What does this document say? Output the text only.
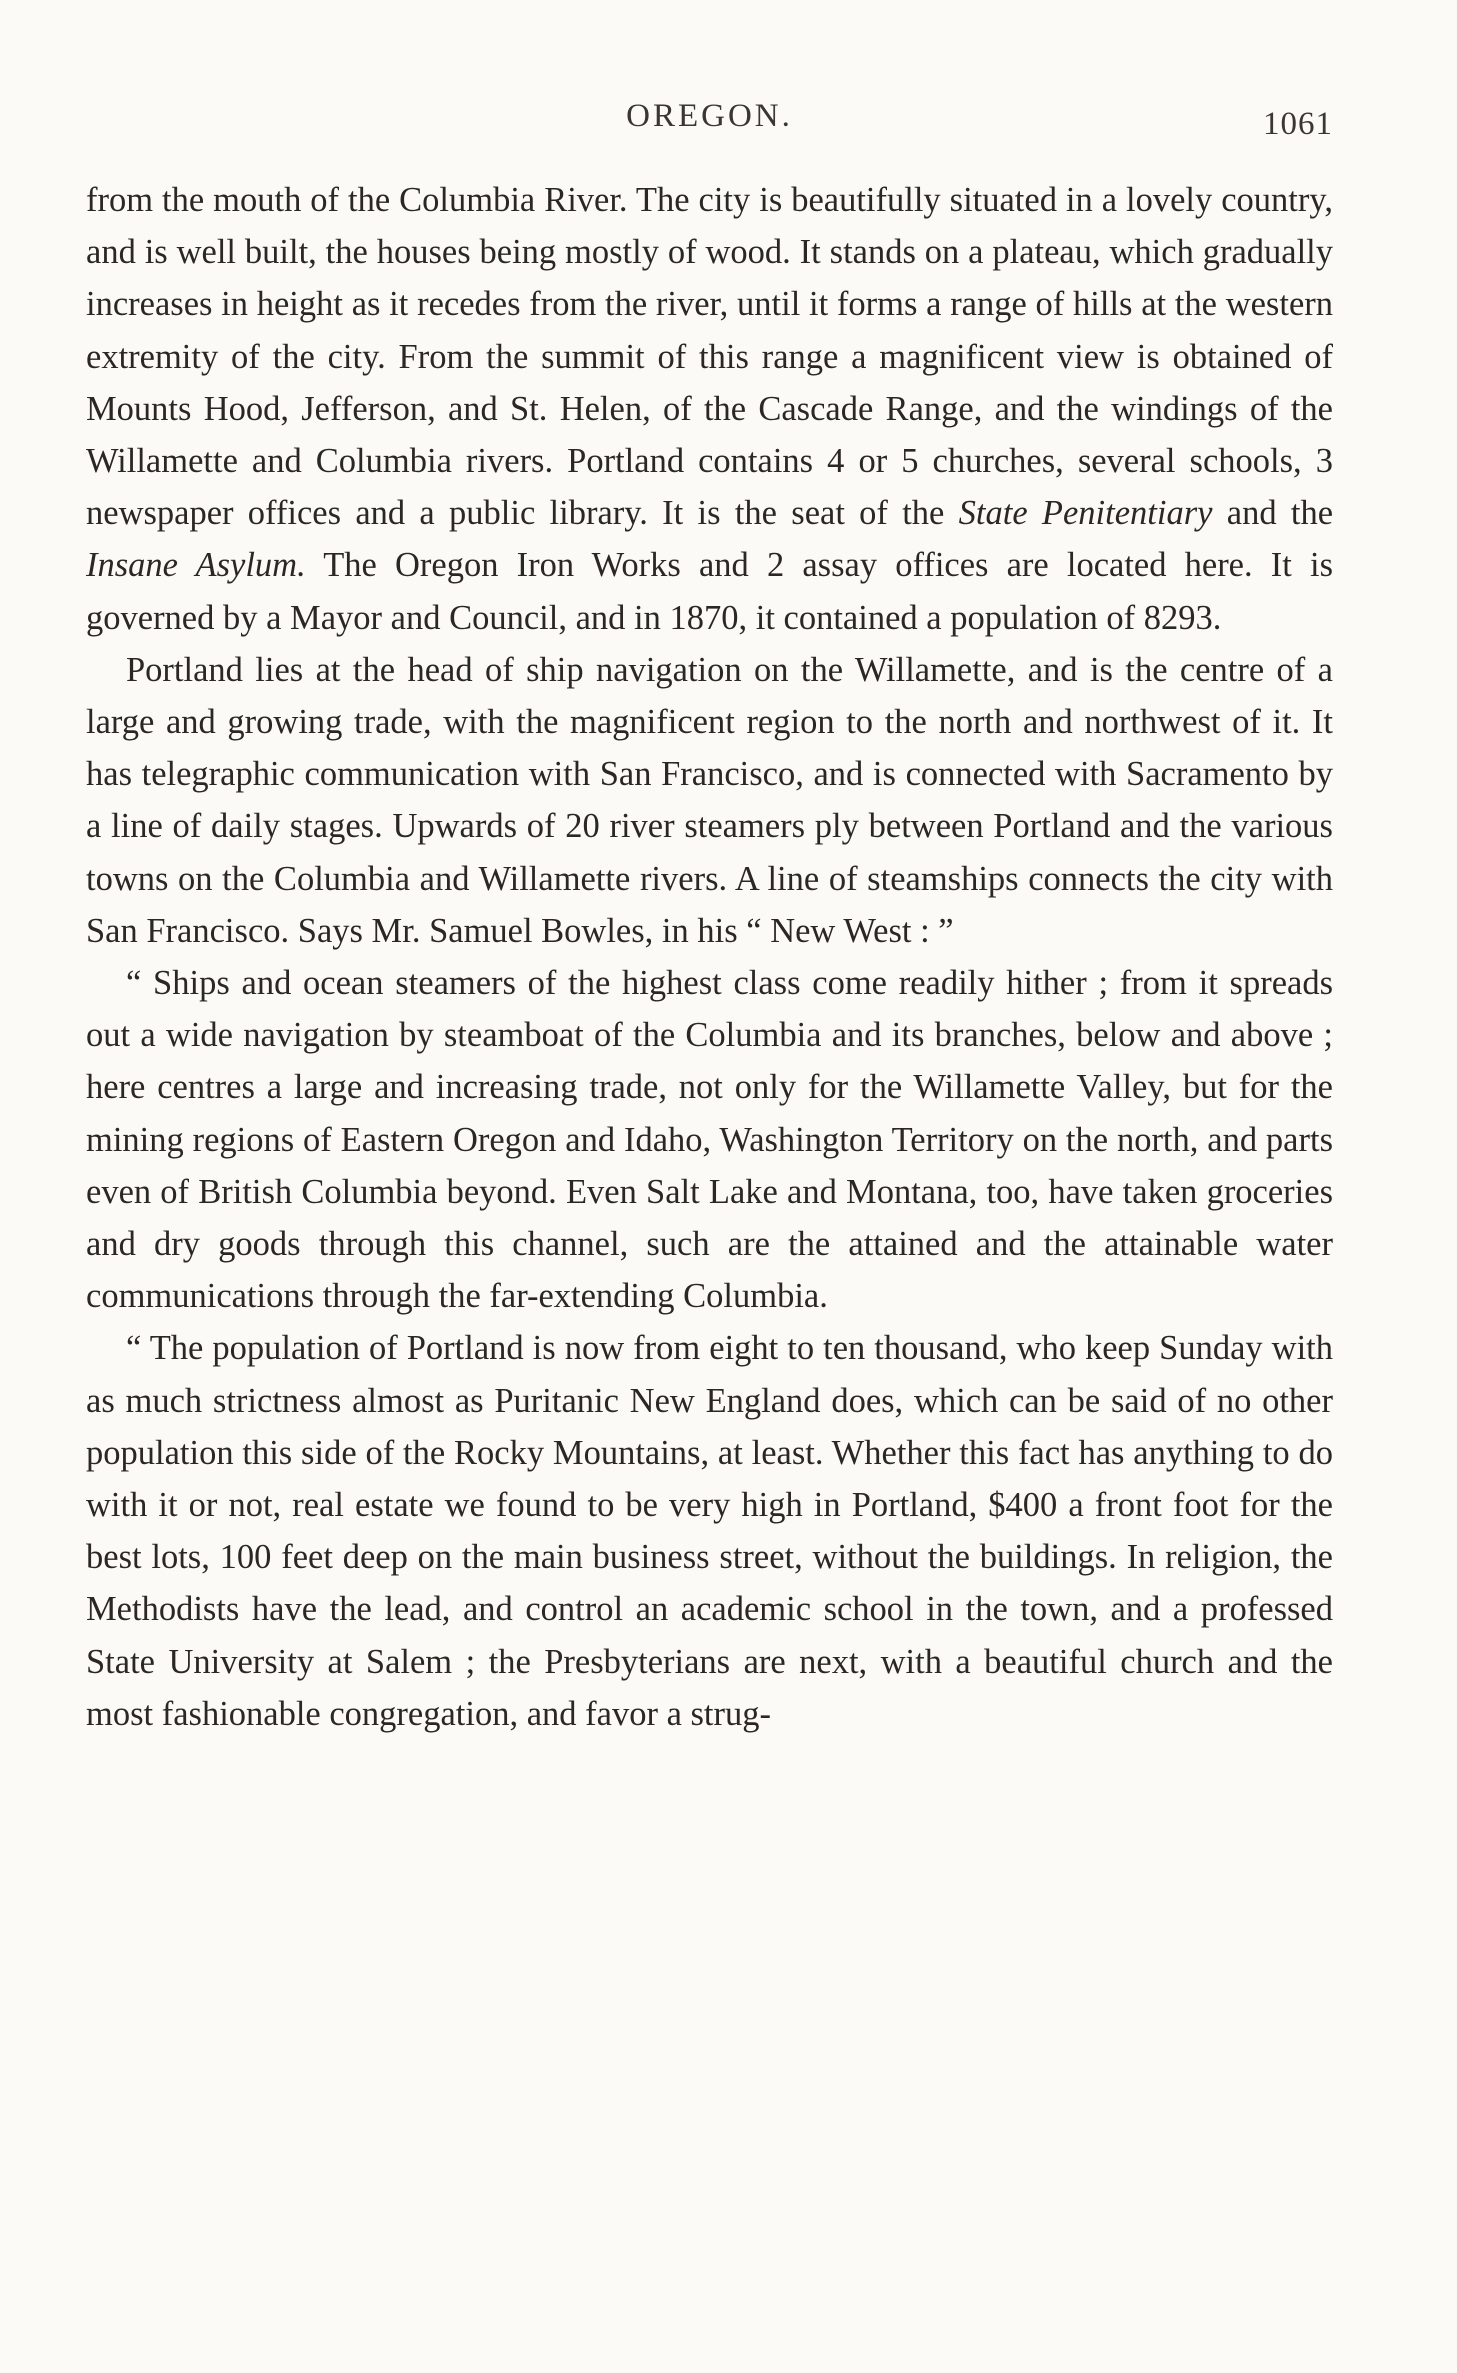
OREGON.	1061

from the mouth of the Columbia River. The city is beautifully situated in a lovely country, and is well built, the houses being mostly of wood. It stands on a plateau, which gradually increases in height as it recedes from the river, until it forms a range of hills at the western extremity of the city. From the summit of this range a magnificent view is obtained of Mounts Hood, Jefferson, and St. Helen, of the Cascade Range, and the windings of the Willamette and Columbia rivers. Portland contains 4 or 5 churches, several schools, 3 newspaper offices and a public library. It is the seat of the State Penitentiary and the Insane Asylum. The Oregon Iron Works and 2 assay offices are located here. It is governed by a Mayor and Council, and in 1870, it contained a population of 8293.

Portland lies at the head of ship navigation on the Willamette, and is the centre of a large and growing trade, with the magnificent region to the north and northwest of it. It has telegraphic communication with San Francisco, and is connected with Sacramento by a line of daily stages. Upwards of 20 river steamers ply between Portland and the various towns on the Columbia and Willamette rivers. A line of steamships connects the city with San Francisco. Says Mr. Samuel Bowles, in his “ New West : ”

“ Ships and ocean steamers of the highest class come readily hither ; from it spreads out a wide navigation by steamboat of the Columbia and its branches, below and above ; here centres a large and increasing trade, not only for the Willamette Valley, but for the mining regions of Eastern Oregon and Idaho, Washington Territory on the north, and parts even of British Columbia beyond. Even Salt Lake and Montana, too, have taken groceries and dry goods through this channel, such are the attained and the attainable water communications through the far-extending Columbia.

“ The population of Portland is now from eight to ten thousand, who keep Sunday with as much strictness almost as Puritanic New England does, which can be said of no other population this side of the Rocky Mountains, at least. Whether this fact has anything to do with it or not, real estate we found to be very high in Portland, $400 a front foot for the best lots, 100 feet deep on the main business street, without the buildings. In religion, the Methodists have the lead, and control an academic school in the town, and a professed State University at Salem ; the Presbyterians are next, with a beautiful church and the most fashionable congregation, and favor a strug-
